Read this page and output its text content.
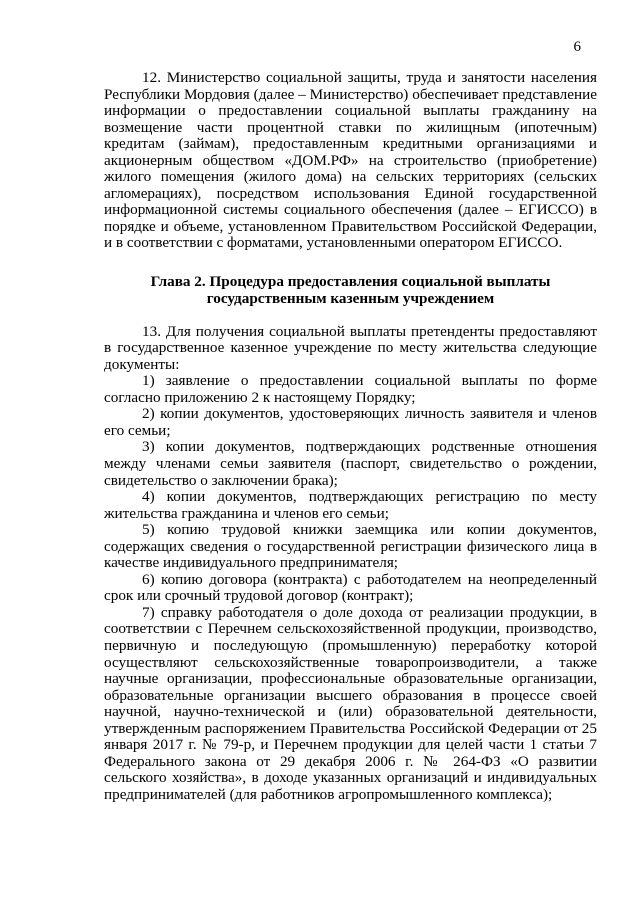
6

12. Министерство социальной защиты, труда и занятости населения Республики Мордовия (далее – Министерство) обеспечивает представление информации о предоставлении социальной выплаты гражданину на возмещение части процентной ставки по жилищным (ипотечным) кредитам (займам), предоставленным кредитными организациями и акционерным обществом «ДОМ.РФ» на строительство (приобретение) жилого помещения (жилого дома) на сельских территориях (сельских агломерациях), посредством использования Единой государственной информационной системы социального обеспечения (далее – ЕГИССО) в порядке и объеме, установленном Правительством Российской Федерации, и в соответствии с форматами, установленными оператором ЕГИССО.

Глава 2. Процедура предоставления социальной выплаты
государственным казенным учреждением

13. Для получения социальной выплаты претенденты предоставляют в государственное казенное учреждение по месту жительства следующие документы:

1) заявление о предоставлении социальной выплаты по форме согласно приложению 2 к настоящему Порядку;

2) копии документов, удостоверяющих личность заявителя и членов его семьи;

3) копии документов, подтверждающих родственные отношения между членами семьи заявителя (паспорт, свидетельство о рождении, свидетельство о заключении брака);

4) копии документов, подтверждающих регистрацию по месту жительства гражданина и членов его семьи;

5) копию трудовой книжки заемщика или копии документов, содержащих сведения о государственной регистрации физического лица в качестве индивидуального предпринимателя;

6) копию договора (контракта) с работодателем на неопределенный срок или срочный трудовой договор (контракт);

7) справку работодателя о доле дохода от реализации продукции, в соответствии с Перечнем сельскохозяйственной продукции, производство, первичную и последующую (промышленную) переработку которой осуществляют сельскохозяйственные товаропроизводители, а также научные организации, профессиональные образовательные организации, образовательные организации высшего образования в процессе своей научной, научно-технической и (или) образовательной деятельности, утвержденным распоряжением Правительства Российской Федерации от 25 января 2017 г. № 79-р, и Перечнем продукции для целей части 1 статьи 7 Федерального закона от 29 декабря 2006 г. № 264-ФЗ «О развитии сельского хозяйства», в доходе указанных организаций и индивидуальных предпринимателей (для работников агропромышленного комплекса);
